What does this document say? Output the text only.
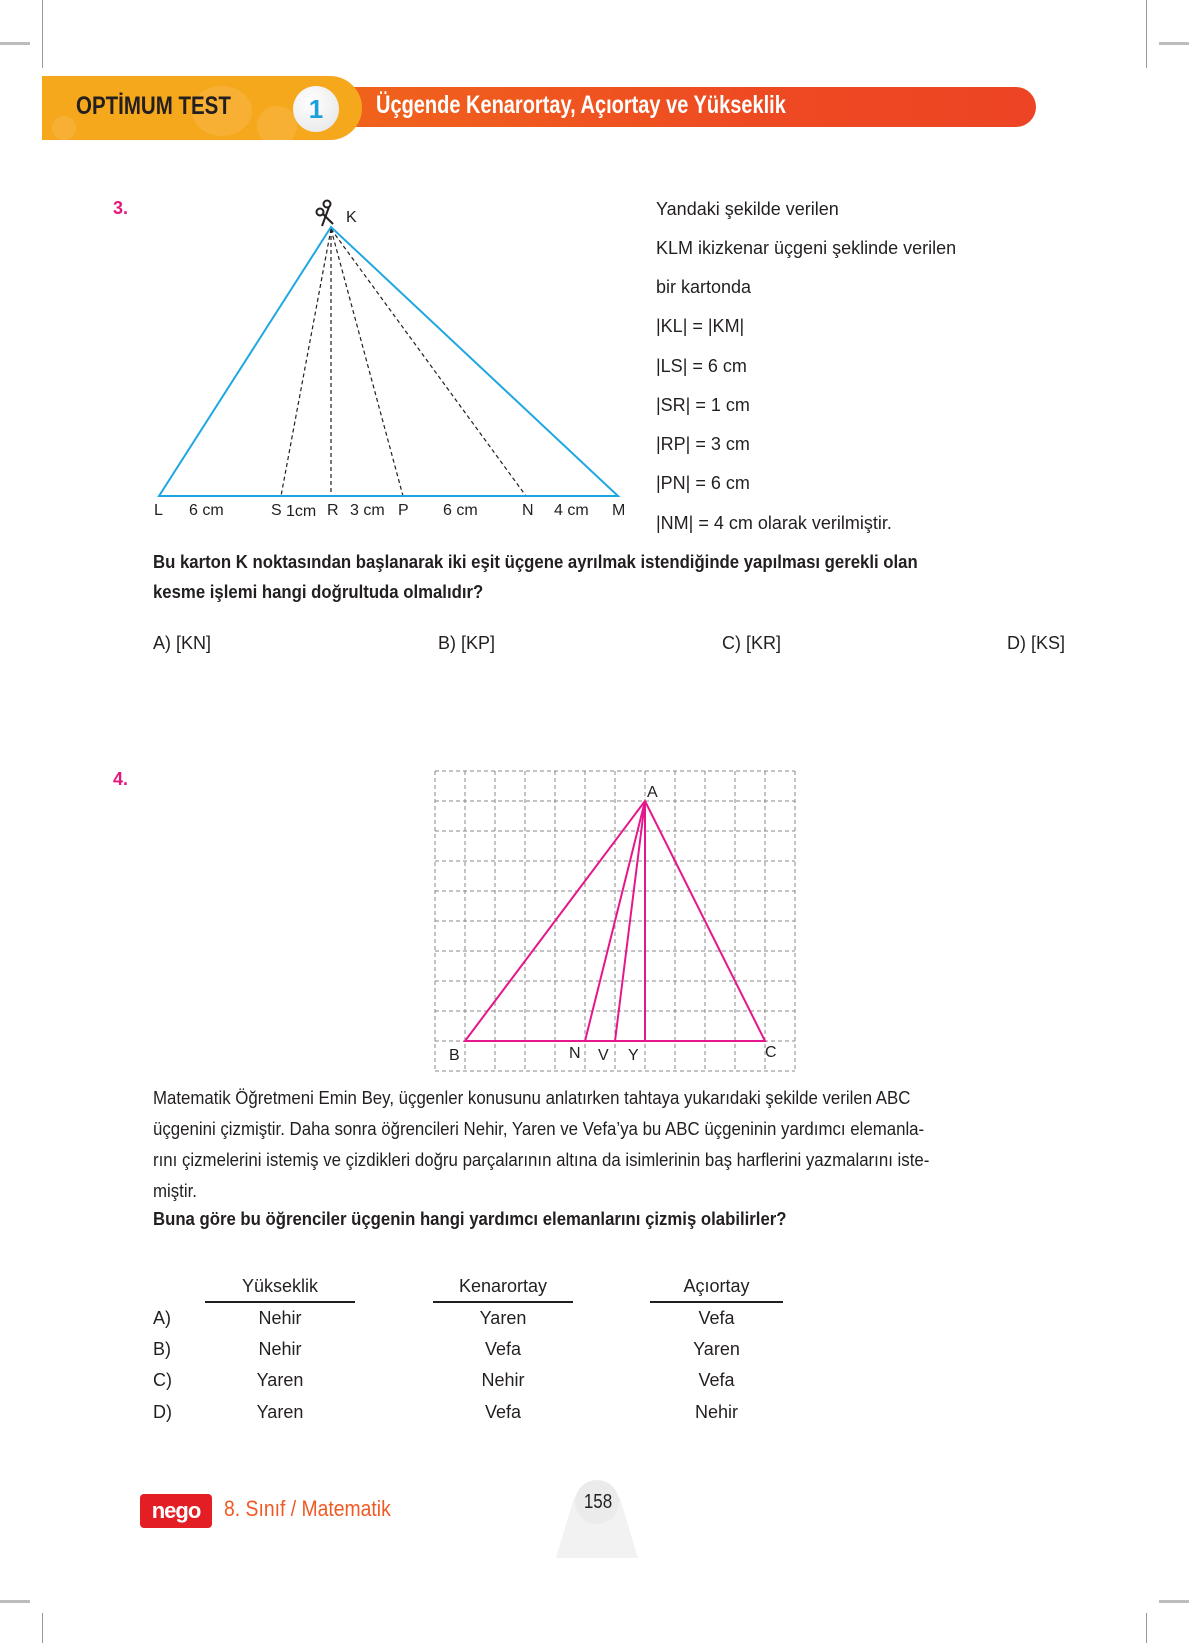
OPTİMUM TEST	1 Üçgende Kenarortay, Açıortay ve Yükseklik
3.	K
L 6 cm	S 1cm R 3 cm P 6 cm	N 4 cm M
Yandaki şekilde verilen
KLM ikizkenar üçgeni şeklinde verilen
bir kartonda
|KL| = |KM|
|LS| = 6 cm
|SR| = 1 cm
|RP| = 3 cm
|PN| = 6 cm
|NM| = 4 cm olarak verilmiştir.
Bu karton K noktasından başlanarak iki eşit üçgene ayrılmak istendiğinde yapılması gerekli olan
kesme işlemi hangi doğrultuda olmalıdır?
A) [KN]	B) [KP]	C) [KR]	D) [KS]
4.
A
B	N V Y	C
Matematik Öğretmeni Emin Bey, üçgenler konusunu anlatırken tahtaya yukarıdaki şekilde verilen ABC
üçgenini çizmiştir. Daha sonra öğrencileri Nehir, Yaren ve Vefa’ya bu ABC üçgeninin yardımcı elemanla-
rını çizmelerini istemiş ve çizdikleri doğru parçalarının altına da isimlerinin baş harflerini yazmalarını iste-
miştir.
Buna göre bu öğrenciler üçgenin hangi yardımcı elemanlarını çizmiş olabilirler?
Yükseklik	Kenarortay	Açıortay
A)	Nehir	Yaren	Vefa
B)	Nehir	Vefa	Yaren
C)	Yaren	Nehir	Vefa
D)	Yaren	Vefa	Nehir
nego	8. Sınıf / Matematik	158
